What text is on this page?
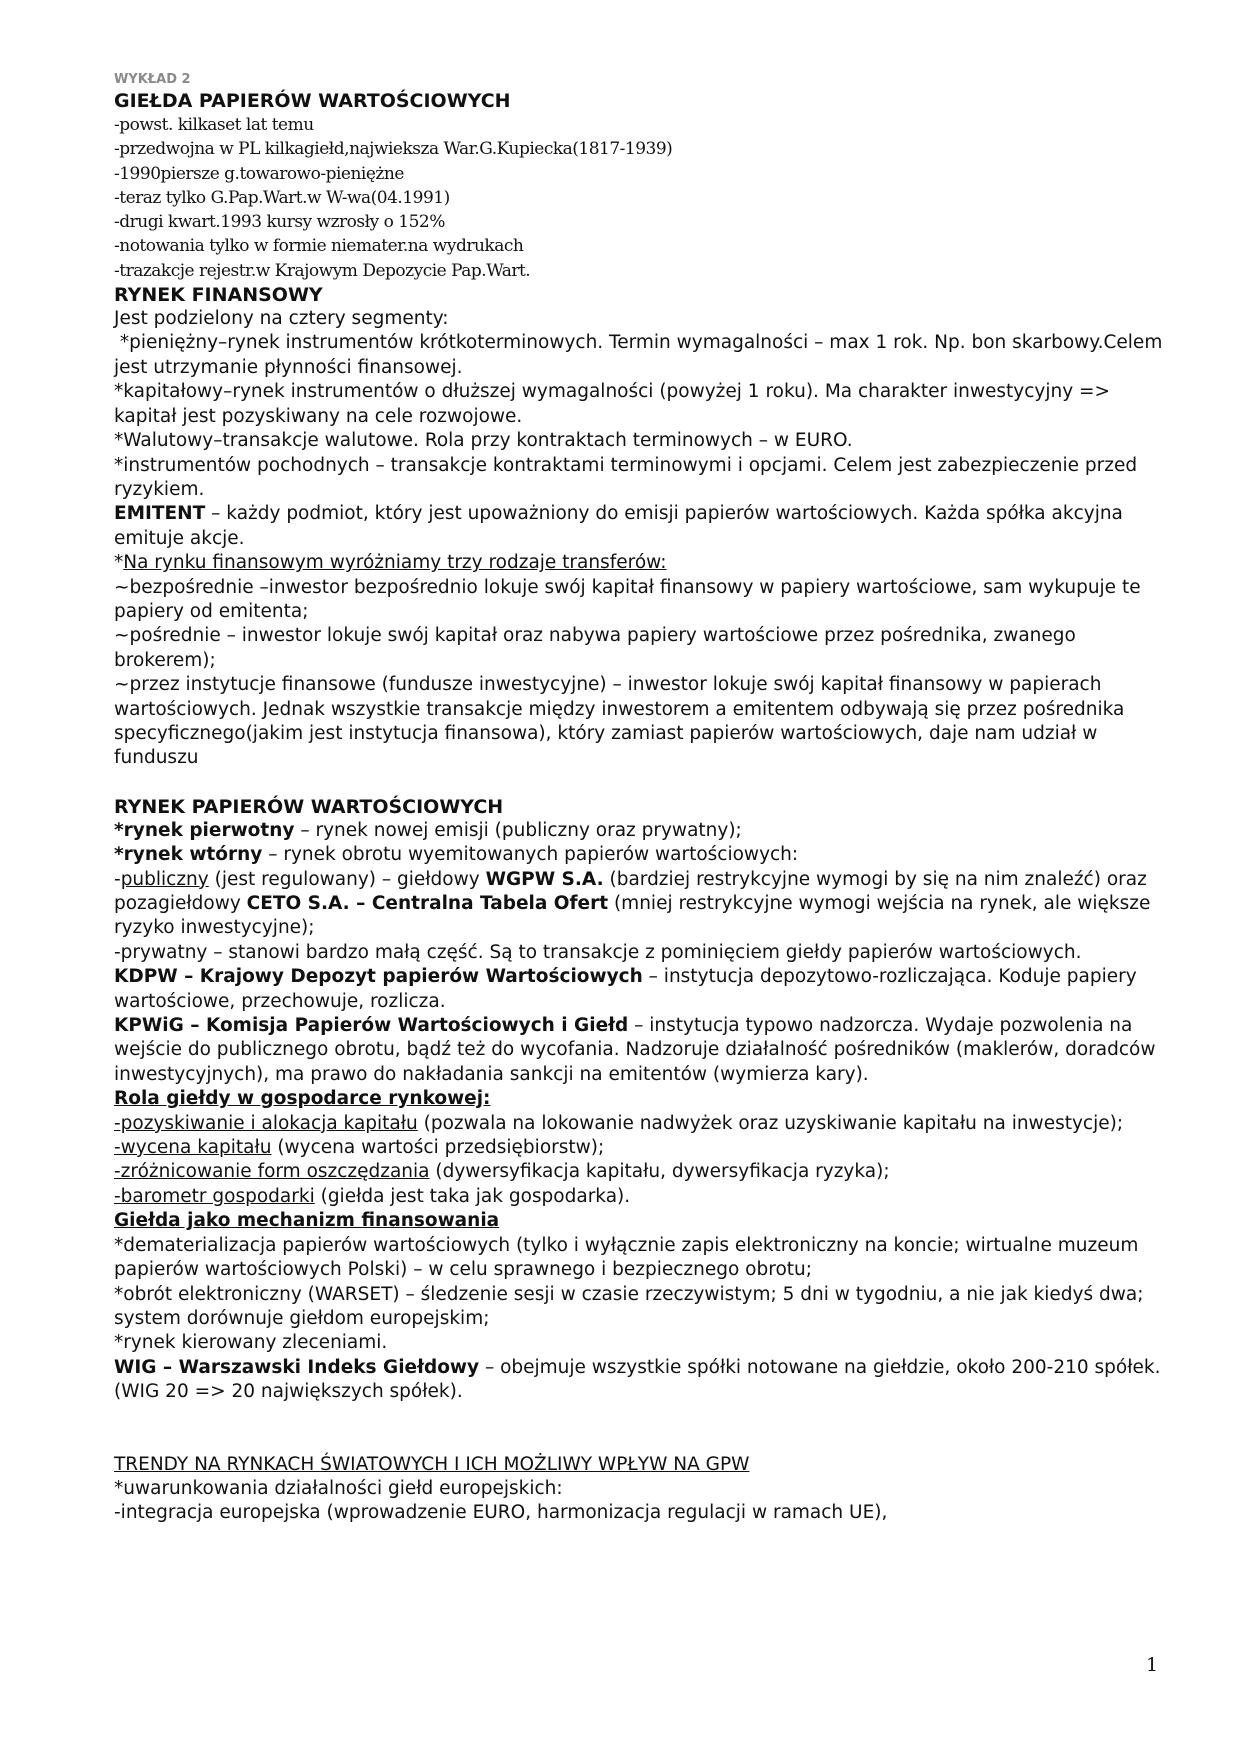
WYKŁAD 2
GIEŁDA PAPIERÓW WARTOŚCIOWYCH
-powst. kilkaset lat temu
-przedwojna w PL kilkagiełd,najwieksza War.G.Kupiecka(1817-1939)
-1990piersze g.towarowo-pieniężne
-teraz tylko G.Pap.Wart.w W-wa(04.1991)
-drugi kwart.1993 kursy wzrosły o 152%
-notowania tylko w formie niemater.na wydrukach
-trazakcje rejestr.w Krajowym Depozycie Pap.Wart.
RYNEK FINANSOWY
Jest podzielony na cztery segmenty:
*pieniężny–rynek instrumentów krótkoterminowych. Termin wymagalności – max 1 rok. Np. bon skarbowy.Celem jest utrzymanie płynności finansowej.
*kapitałowy–rynek instrumentów o dłuższej wymagalności (powyżej 1 roku). Ma charakter inwestycyjny => kapitał jest pozyskiwany na cele rozwojowe.
*Walutowy–transakcje walutowe. Rola przy kontraktach terminowych – w EURO.
*instrumentów pochodnych – transakcje kontraktami terminowymi i opcjami. Celem jest zabezpieczenie przed ryzykiem.
EMITENT – każdy podmiot, który jest upoważniony do emisji papierów wartościowych. Każda spółka akcyjna emituje akcje.
*Na rynku finansowym wyróżniamy trzy rodzaje transferów:
~bezpośrednie –inwestor bezpośrednio lokuje swój kapitał finansowy w papiery wartościowe, sam wykupuje te papiery od emitenta;
~pośrednie – inwestor lokuje swój kapitał oraz nabywa papiery wartościowe przez pośrednika, zwanego brokerem);
~przez instytucje finansowe (fundusze inwestycyjne) – inwestor lokuje swój kapitał finansowy w papierach wartościowych. Jednak wszystkie transakcje między inwestorem a emitentem odbywają się przez pośrednika specyficznego(jakim jest instytucja finansowa), który zamiast papierów wartościowych, daje nam udział w funduszu
RYNEK PAPIERÓW WARTOŚCIOWYCH
*rynek pierwotny – rynek nowej emisji (publiczny oraz prywatny);
*rynek wtórny – rynek obrotu wyemitowanych papierów wartościowych:
-publiczny (jest regulowany) – giełdowy WGPW S.A. (bardziej restrykcyjne wymogi by się na nim znaleźć) oraz pozagiełdowy CETO S.A. – Centralna Tabela Ofert (mniej restrykcyjne wymogi wejścia na rynek, ale większe ryzyko inwestycyjne);
-prywatny – stanowi bardzo małą część. Są to transakcje z pominięciem giełdy papierów wartościowych.
KDPW – Krajowy Depozyt papierów Wartościowych – instytucja depozytowo-rozliczająca. Koduje papiery wartościowe, przechowuje, rozlicza.
KPWiG – Komisja Papierów Wartościowych i Giełd – instytucja typowo nadzorcza. Wydaje pozwolenia na wejście do publicznego obrotu, bądź też do wycofania. Nadzoruje działalność pośredników (maklerów, doradców inwestycyjnych), ma prawo do nakładania sankcji na emitentów (wymierza kary).
Rola giełdy w gospodarce rynkowej:
-pozyskiwanie i alokacja kapitału (pozwala na lokowanie nadwyżek oraz uzyskiwanie kapitału na inwestycje);
-wycena kapitału (wycena wartości przedsiębiorstw);
-zróżnicowanie form oszczędzania (dywersyfikacja kapitału, dywersyfikacja ryzyka);
-barometr gospodarki (giełda jest taka jak gospodarka).
Giełda jako mechanizm finansowania
*dematerializacja papierów wartościowych (tylko i wyłącznie zapis elektroniczny na koncie; wirtualne muzeum papierów wartościowych Polski) – w celu sprawnego i bezpiecznego obrotu;
*obrót elektroniczny (WARSET) – śledzenie sesji w czasie rzeczywistym; 5 dni w tygodniu, a nie jak kiedyś dwa; system dorównuje giełdom europejskim;
*rynek kierowany zleceniami.
WIG – Warszawski Indeks Giełdowy – obejmuje wszystkie spółki notowane na giełdzie, około 200-210 spółek. (WIG 20 => 20 największych spółek).
TRENDY NA RYNKACH ŚWIATOWYCH I ICH MOŻLIWY WPŁYW NA GPW
*uwarunkowania działalności giełd europejskich:
-integracja europejska (wprowadzenie EURO, harmonizacja regulacji w ramach UE),
1
